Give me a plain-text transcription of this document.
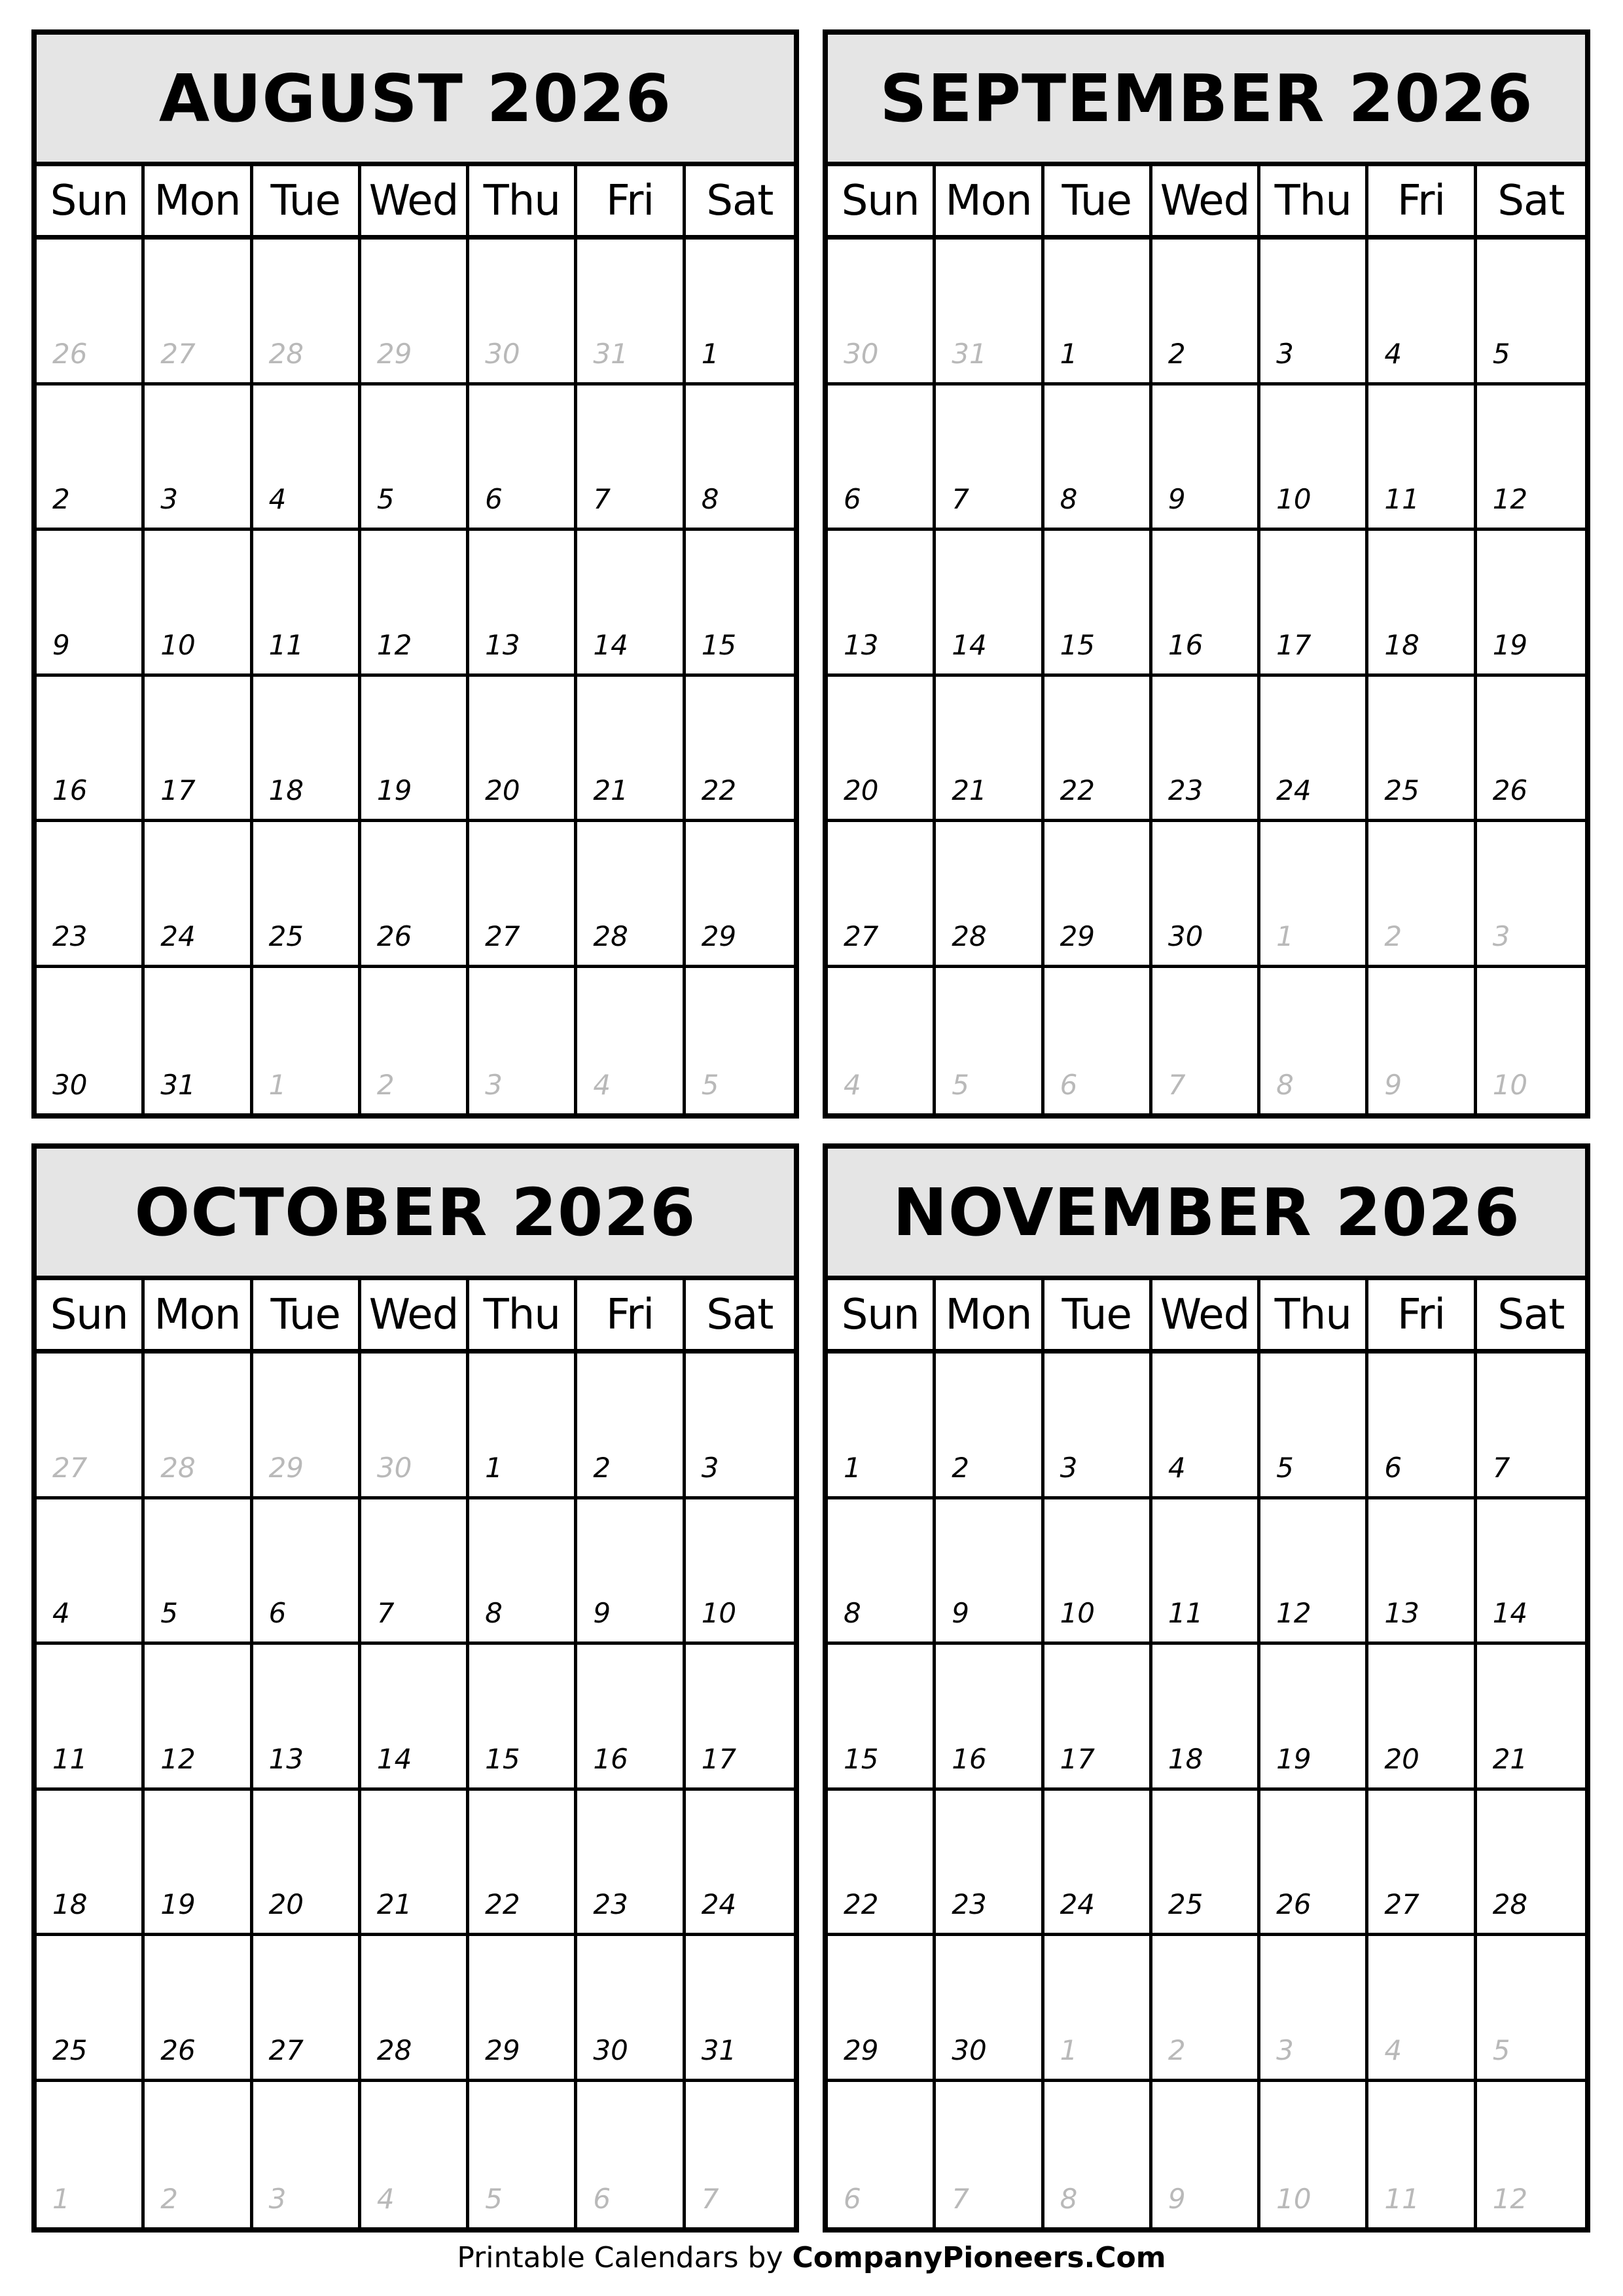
AUGUST 2026
Sun Mon Tue Wed Thu	Fri	Sat
26	27	28	29	30	31	1
2	3	4	5	6	7	8
9	10	11	12	13	14	15
16	17	18	19	20	21	22
23	24	25	26	27	28	29
30	31	1	2	3	4	5
SEPTEMBER 2026
Sun Mon Tue Wed Thu	Fri	Sat
30	31	1	2	3	4	5
6	7	8	9	10	11	12
13	14	15	16	17	18	19
20	21	22	23	24	25	26
27	28	29	30	1	2	3
4	5	6	7	8	9	10
OCTOBER 2026
Sun Mon Tue Wed Thu	Fri	Sat
27	28	29	30	1	2	3
4	5	6	7	8	9	10
11	12	13	14	15	16	17
18	19	20	21	22	23	24
25	26	27	28	29	30	31
1	2	3	4	5	6	7
NOVEMBER 2026
Sun Mon Tue Wed Thu	Fri	Sat
1	2	3	4	5	6	7
8	9	10	11	12	13	14
15	16	17	18	19	20	21
22	23	24	25	26	27	28
29	30	1	2	3	4	5
6	7	8	9	10	11	12
Printable Calendars by CompanyPioneers.Com
